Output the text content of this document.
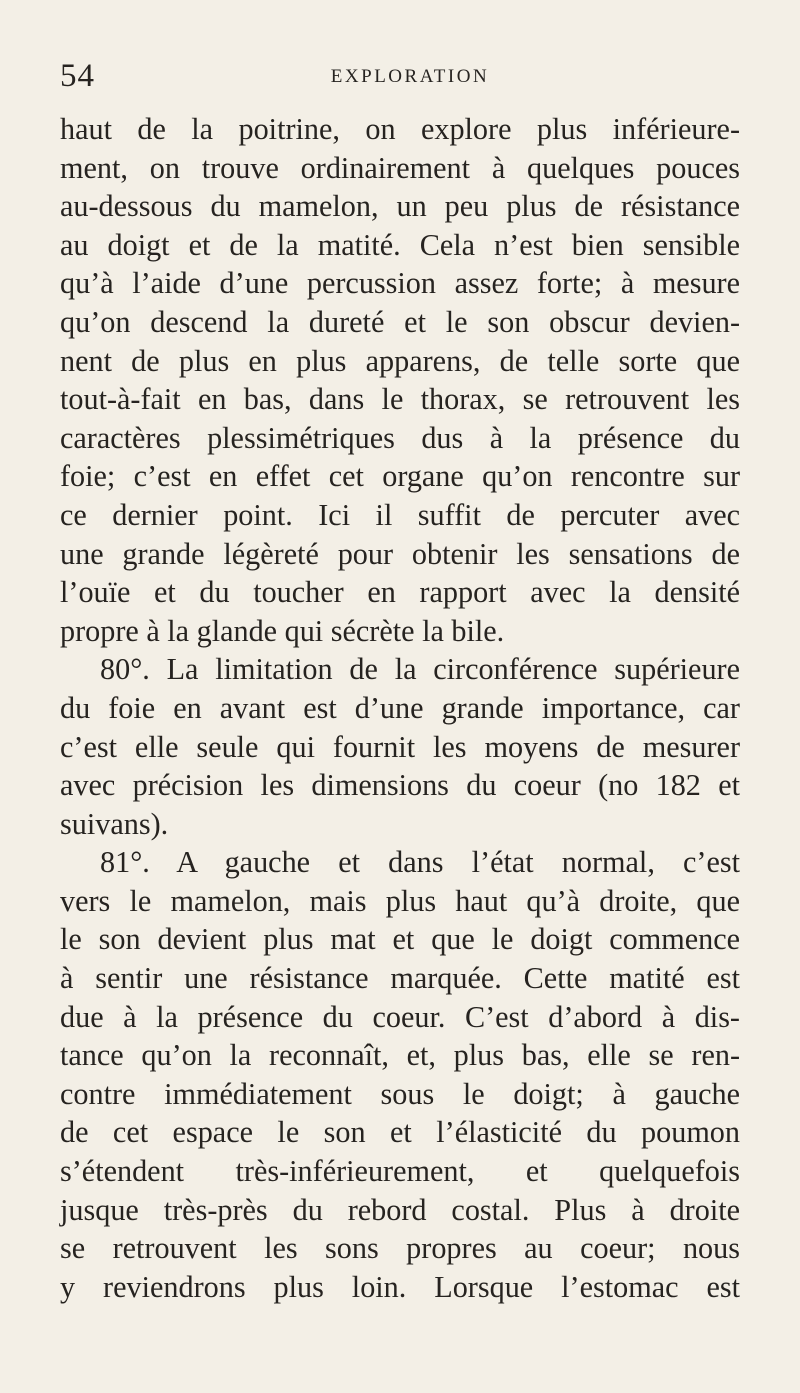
54	EXPLORATION
haut de la poitrine, on explore plus inférieure-
ment, on trouve ordinairement à quelques pouces
au-dessous du mamelon, un peu plus de résistance
au doigt et de la matité. Cela n’est bien sensible
qu’à l’aide d’une percussion assez forte; à mesure
qu’on descend la dureté et le son obscur devien-
nent de plus en plus apparens, de telle sorte que
tout-à-fait en bas, dans le thorax, se retrouvent les
caractères plessimétriques dus à la présence du
foie; c’est en effet cet organe qu’on rencontre sur
ce dernier point. Ici il suffit de percuter avec
une grande légèreté pour obtenir les sensations de
l’ouïe et du toucher en rapport avec la densité
propre à la glande qui sécrète la bile.
80°. La limitation de la circonférence supérieure
du foie en avant est d’une grande importance, car
c’est elle seule qui fournit les moyens de mesurer
avec précision les dimensions du coeur (no 182 et
suivans).
81°. A gauche et dans l’état normal, c’est
vers le mamelon, mais plus haut qu’à droite, que
le son devient plus mat et que le doigt commence
à sentir une résistance marquée. Cette matité est
due à la présence du coeur. C’est d’abord à dis-
tance qu’on la reconnaît, et, plus bas, elle se ren-
contre immédiatement sous le doigt; à gauche
de cet espace le son et l’élasticité du poumon
s’étendent très-inférieurement, et quelquefois
jusque très-près du rebord costal. Plus à droite
se retrouvent les sons propres au coeur; nous
y reviendrons plus loin. Lorsque l’estomac est
